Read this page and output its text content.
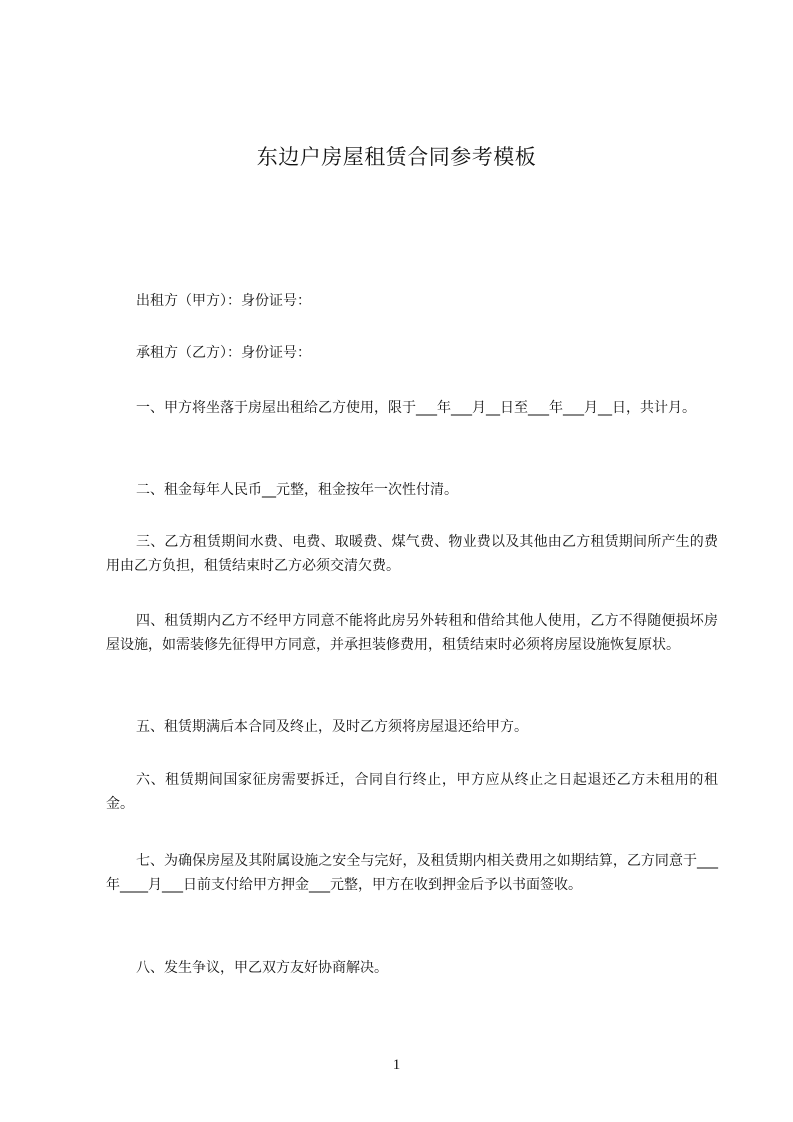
东边户房屋租赁合同参考模板

出租方（甲方）：身份证号：

承租方（乙方）：身份证号：

一、甲方将坐落于房屋出租给乙方使用，限于___年___月__日至___年___月__日，共计月。

二、租金每年人民币__元整，租金按年一次性付清。

三、乙方租赁期间水费、电费、取暖费、煤气费、物业费以及其他由乙方租赁期间所产生的费用由乙方负担，租赁结束时乙方必须交清欠费。

四、租赁期内乙方不经甲方同意不能将此房另外转租和借给其他人使用，乙方不得随便损坏房屋设施，如需装修先征得甲方同意，并承担装修费用，租赁结束时必须将房屋设施恢复原状。

五、租赁期满后本合同及终止，及时乙方须将房屋退还给甲方。

六、租赁期间国家征房需要拆迁，合同自行终止，甲方应从终止之日起退还乙方未租用的租金。

七、为确保房屋及其附属设施之安全与完好，及租赁期内相关费用之如期结算，乙方同意于___年____月___日前支付给甲方押金___元整，甲方在收到押金后予以书面签收。

八、发生争议，甲乙双方友好协商解决。

1
